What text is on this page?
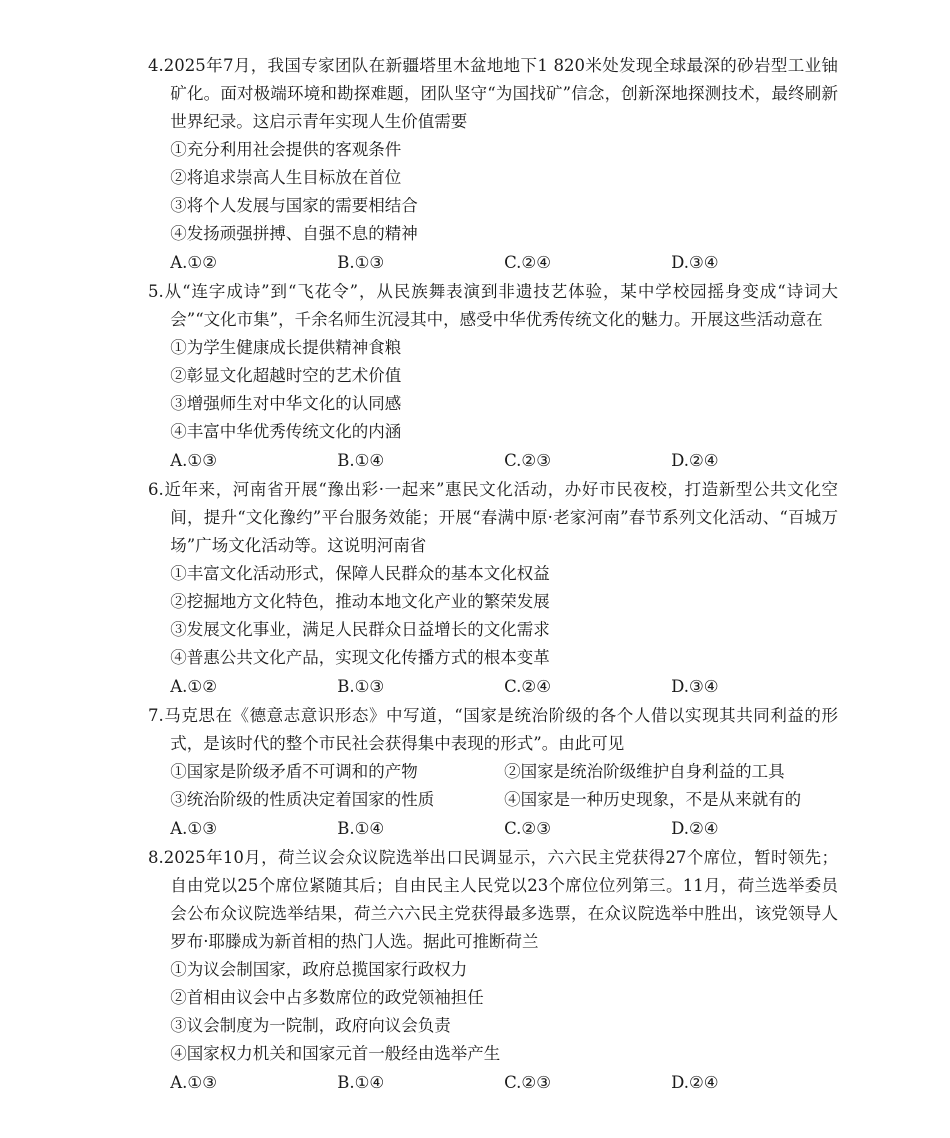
4.2025年7月，我国专家团队在新疆塔里木盆地地下1 820米处发现全球最深的砂岩型工业铀矿化。面对极端环境和勘探难题，团队坚守“为国找矿”信念，创新深地探测技术，最终刷新世界纪录。这启示青年实现人生价值需要

①充分利用社会提供的客观条件

②将追求崇高人生目标放在首位

③将个人发展与国家的需要相结合

④发扬顽强拼搏、自强不息的精神

A.①②	B.①③	C.②④	D.③④

5.从“连字成诗”到“飞花令”，从民族舞表演到非遗技艺体验，某中学校园摇身变成“诗词大会”“文化市集”，千余名师生沉浸其中，感受中华优秀传统文化的魅力。开展这些活动意在

①为学生健康成长提供精神食粮

②彰显文化超越时空的艺术价值

③增强师生对中华文化的认同感

④丰富中华优秀传统文化的内涵

A.①③	B.①④	C.②③	D.②④

6.近年来，河南省开展“豫出彩·一起来”惠民文化活动，办好市民夜校，打造新型公共文化空间，提升“文化豫约”平台服务效能；开展“春满中原·老家河南”春节系列文化活动、“百城万场”广场文化活动等。这说明河南省

①丰富文化活动形式，保障人民群众的基本文化权益

②挖掘地方文化特色，推动本地文化产业的繁荣发展

③发展文化事业，满足人民群众日益增长的文化需求

④普惠公共文化产品，实现文化传播方式的根本变革

A.①②	B.①③	C.②④	D.③④

7.马克思在《德意志意识形态》中写道，“国家是统治阶级的各个人借以实现其共同利益的形式，是该时代的整个市民社会获得集中表现的形式”。由此可见

①国家是阶级矛盾不可调和的产物	②国家是统治阶级维护自身利益的工具
③统治阶级的性质决定着国家的性质	④国家是一种历史现象，不是从来就有的
A.①③	B.①④	C.②③	D.②④

8.2025年10月，荷兰议会众议院选举出口民调显示，六六民主党获得27个席位，暂时领先；自由党以25个席位紧随其后；自由民主人民党以23个席位位列第三。11月，荷兰选举委员会公布众议院选举结果，荷兰六六民主党获得最多选票，在众议院选举中胜出，该党领导人罗布·耶滕成为新首相的热门人选。据此可推断荷兰

①为议会制国家，政府总揽国家行政权力

②首相由议会中占多数席位的政党领袖担任

③议会制度为一院制，政府向议会负责

④国家权力机关和国家元首一般经由选举产生

A.①③	B.①④	C.②③	D.②④
